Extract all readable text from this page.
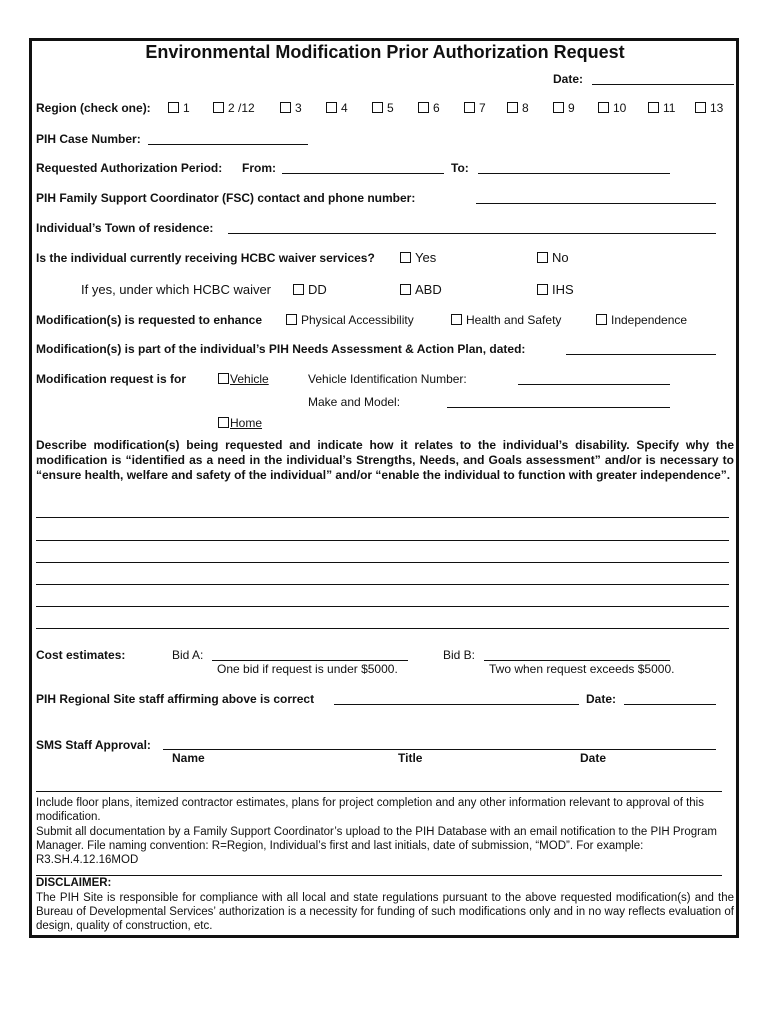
Environmental Modification Prior Authorization Request
Date:
Region (check one):	1	2 /12	3	4	5	6	7	8	9	10	11	13
PIH Case Number:
Requested Authorization Period: From:	To:
PIH Family Support Coordinator (FSC) contact and phone number:
Individual’s Town of residence:
Is the individual currently receiving HCBC waiver services?	Yes	No
If yes, under which HCBC waiver	DD	ABD	IHS
Modification(s) is requested to enhance	Physical Accessibility	Health and Safety	Independence
Modification(s) is part of the individual’s PIH Needs Assessment & Action Plan, dated:
Modification request is for	Vehicle	Vehicle Identification Number:
Make and Model:
Home
Describe modification(s) being requested and indicate how it relates to the individual’s disability. Specify why the modification is “identified as a need in the individual’s Strengths, Needs, and Goals assessment” and/or is necessary to “ensure health, welfare and safety of the individual” and/or “enable the individual to function with greater independence”.
Cost estimates:	Bid A:
One bid if request is under $5000.
Bid B:
Two when request exceeds $5000.
PIH Regional Site staff affirming above is correct	Date:
SMS Staff Approval:
Name	Title	Date
Include floor plans, itemized contractor estimates, plans for project completion and any other information relevant to approval of this modification.
Submit all documentation by a Family Support Coordinator’s upload to the PIH Database with an email notification to the PIH Program Manager. File naming convention: R=Region, Individual’s first and last initials, date of submission, “MOD”. For example: R3.SH.4.12.16MOD
DISCLAIMER:
The PIH Site is responsible for compliance with all local and state regulations pursuant to the above requested modification(s) and the Bureau of Developmental Services’ authorization is a necessity for funding of such modifications only and in no way reflects evaluation of design, quality of construction, etc.
